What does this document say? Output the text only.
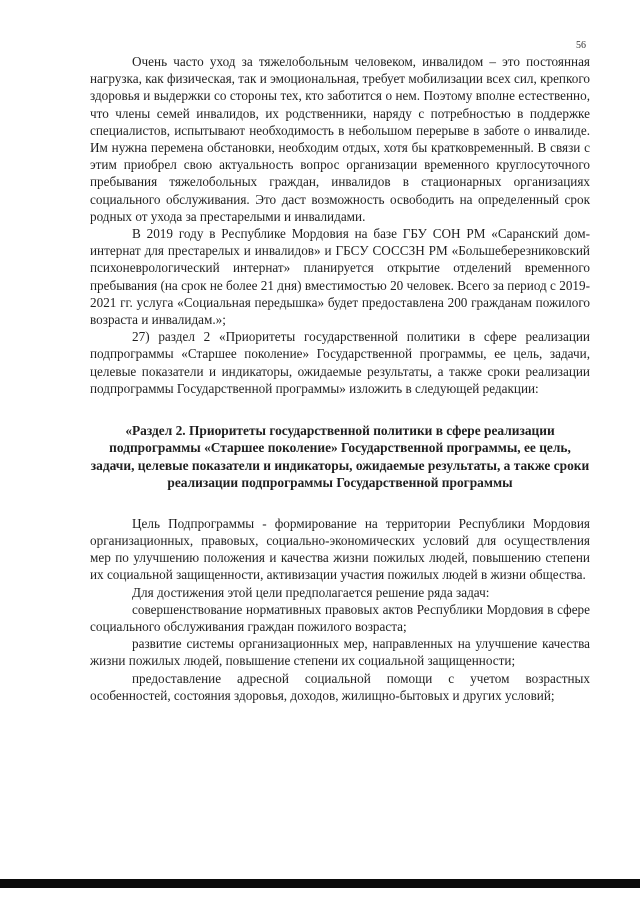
56

Очень часто уход за тяжелобольным человеком, инвалидом – это постоянная нагрузка, как физическая, так и эмоциональная, требует мобилизации всех сил, крепкого здоровья и выдержки со стороны тех, кто заботится о нем. Поэтому вполне естественно, что члены семей инвалидов, их родственники, наряду с потребностью в поддержке специалистов, испытывают необходимость в небольшом перерыве в заботе о инвалиде. Им нужна перемена обстановки, необходим отдых, хотя бы кратковременный. В связи с этим приобрел свою актуальность вопрос организации временного круглосуточного пребывания тяжелобольных граждан, инвалидов в стационарных организациях социального обслуживания. Это даст возможность освободить на определенный срок родных от ухода за престарелыми и инвалидами.

В 2019 году в Республике Мордовия на базе ГБУ СОН РМ «Саранский дом-интернат для престарелых и инвалидов» и ГБСУ СОССЗН РМ «Большеберезниковский психоневрологический интернат» планируется открытие отделений временного пребывания (на срок не более 21 дня) вместимостью 20 человек. Всего за период с 2019-2021 гг. услуга «Социальная передышка» будет предоставлена 200 гражданам пожилого возраста и инвалидам.»;

27) раздел 2 «Приоритеты государственной политики в сфере реализации подпрограммы «Старшее поколение» Государственной программы, ее цель, задачи, целевые показатели и индикаторы, ожидаемые результаты, а также сроки реализации подпрограммы Государственной программы» изложить в следующей редакции:

«Раздел 2. Приоритеты государственной политики в сфере реализации подпрограммы «Старшее поколение» Государственной программы, ее цель, задачи, целевые показатели и индикаторы, ожидаемые результаты, а также сроки реализации подпрограммы Государственной программы

Цель Подпрограммы - формирование на территории Республики Мордовия организационных, правовых, социально-экономических условий для осуществления мер по улучшению положения и качества жизни пожилых людей, повышению степени их социальной защищенности, активизации участия пожилых людей в жизни общества.

Для достижения этой цели предполагается решение ряда задач:

совершенствование нормативных правовых актов Республики Мордовия в сфере социального обслуживания граждан пожилого возраста;

развитие системы организационных мер, направленных на улучшение качества жизни пожилых людей, повышение степени их социальной защищенности;

предоставление адресной социальной помощи с учетом возрастных особенностей, состояния здоровья, доходов, жилищно-бытовых и других условий;
